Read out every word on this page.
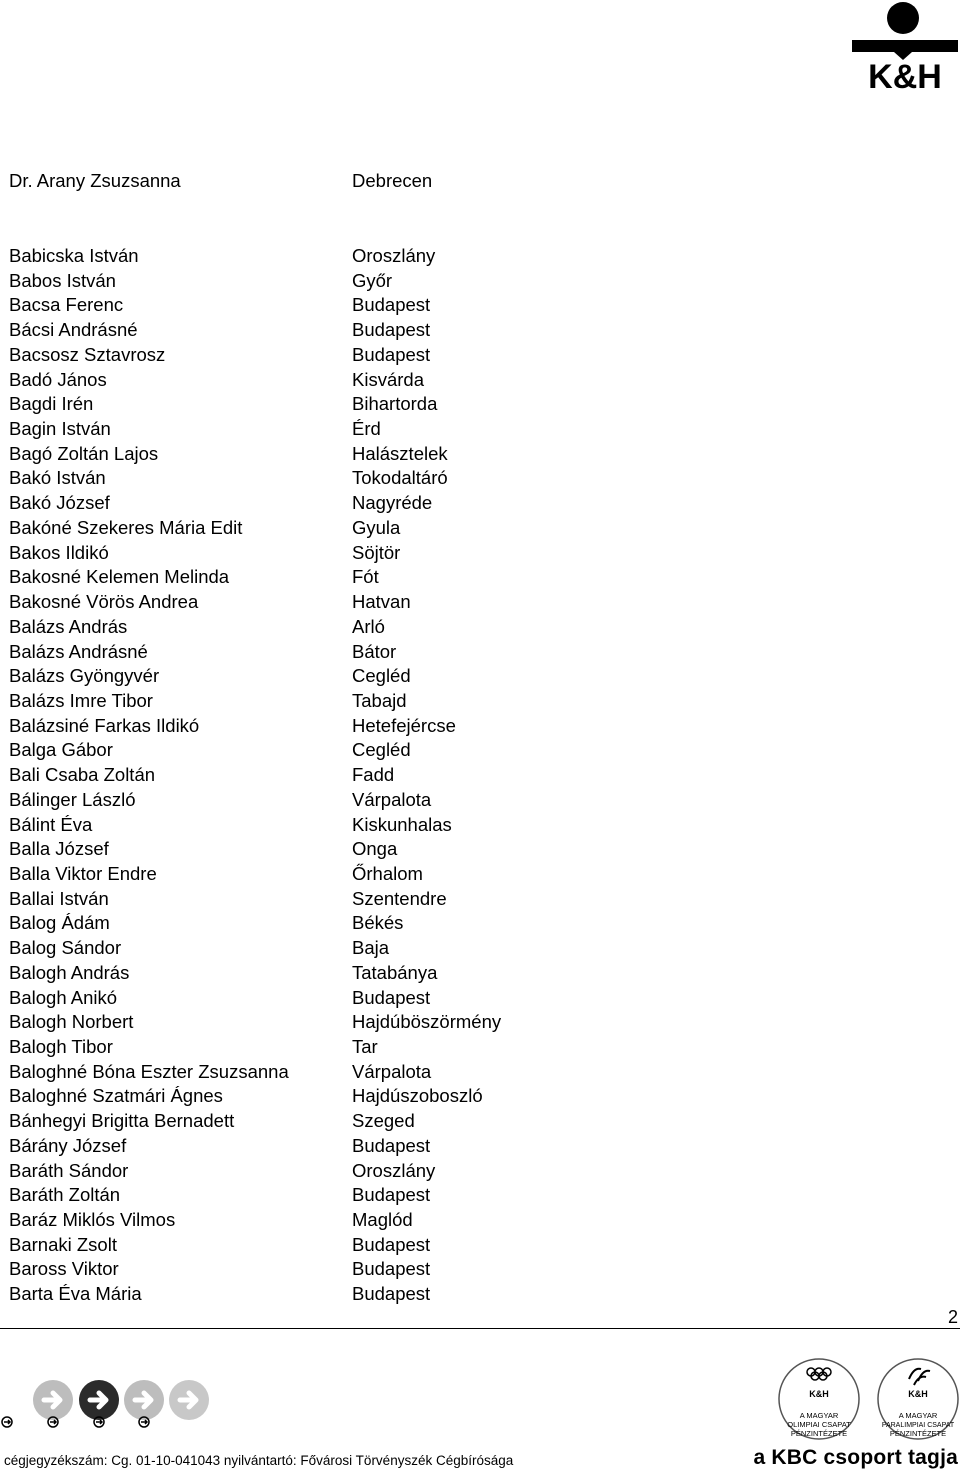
K&H
Dr. Arany Zsuzsanna	Debrecen
Babicska István	Oroszlány
Babos István	Győr
Bacsa Ferenc	Budapest
Bácsi Andrásné	Budapest
Bacsosz Sztavrosz	Budapest
Badó János	Kisvárda
Bagdi Irén	Bihartorda
Bagin István	Érd
Bagó Zoltán Lajos	Halásztelek
Bakó István	Tokodaltáró
Bakó József	Nagyréde
Bakóné Szekeres Mária Edit	Gyula
Bakos Ildikó	Söjtör
Bakosné Kelemen Melinda	Fót
Bakosné Vörös Andrea	Hatvan
Balázs András	Arló
Balázs Andrásné	Bátor
Balázs Gyöngyvér	Cegléd
Balázs Imre Tibor	Tabajd
Balázsiné Farkas Ildikó	Hetefejércse
Balga Gábor	Cegléd
Bali Csaba Zoltán	Fadd
Bálinger László	Várpalota
Bálint Éva	Kiskunhalas
Balla József	Onga
Balla Viktor Endre	Őrhalom
Ballai István	Szentendre
Balog Ádám	Békés
Balog Sándor	Baja
Balogh András	Tatabánya
Balogh Anikó	Budapest
Balogh Norbert	Hajdúböszörmény
Balogh Tibor	Tar
Baloghné Bóna Eszter Zsuzsanna	Várpalota
Baloghné Szatmári Ágnes	Hajdúszoboszló
Bánhegyi Brigitta Bernadett	Szeged
Bárány József	Budapest
Baráth Sándor	Oroszlány
Baráth Zoltán	Budapest
Baráz Miklós Vilmos	Maglód
Barnaki Zsolt	Budapest
Baross Viktor	Budapest
Barta Éva Mária	Budapest
2
K&H
A MAGYAR
OLIMPIAI CSAPAT
PÉNZINTÉZETE
K&H
A MAGYAR
PARALIMPIAI CSAPAT
PÉNZINTÉZETE
cégjegyzékszám: Cg. 01-10-041043 nyilvántartó: Fővárosi Törvényszék Cégbírósága	a KBC csoport tagja
